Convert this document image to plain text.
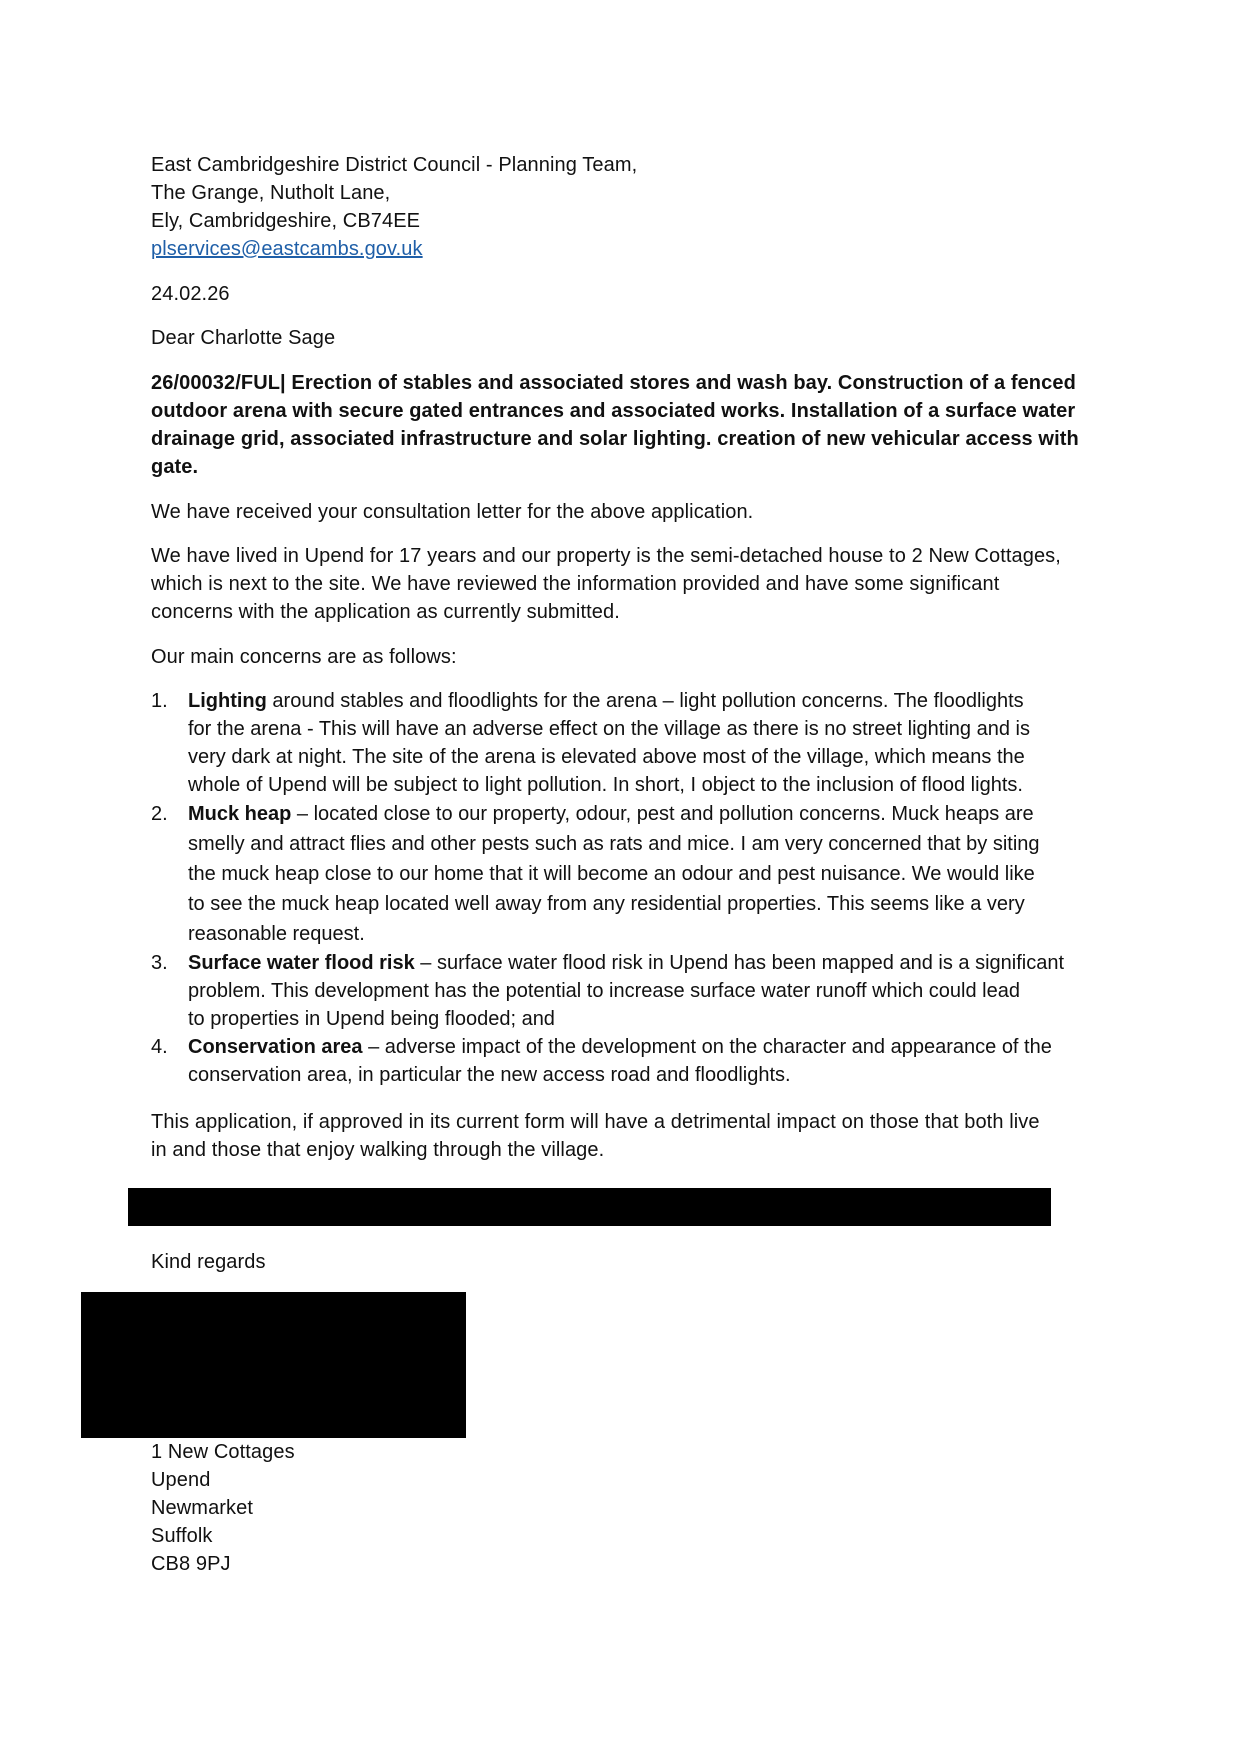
East Cambridgeshire District Council - Planning Team,
The Grange, Nutholt Lane,
Ely, Cambridgeshire, CB74EE
plservices@eastcambs.gov.uk
24.02.26
Dear Charlotte Sage
26/00032/FUL| Erection of stables and associated stores and wash bay. Construction of a fenced
outdoor arena with secure gated entrances and associated works. Installation of a surface water
drainage grid, associated infrastructure and solar lighting. creation of new vehicular access with
gate.
We have received your consultation letter for the above application.
We have lived in Upend for 17 years and our property is the semi-detached house to 2 New Cottages,
which is next to the site. We have reviewed the information provided and have some significant
concerns with the application as currently submitted.
Our main concerns are as follows:
1. Lighting around stables and floodlights for the arena – light pollution concerns. The floodlights
for the arena - This will have an adverse effect on the village as there is no street lighting and is
very dark at night. The site of the arena is elevated above most of the village, which means the
whole of Upend will be subject to light pollution. In short, I object to the inclusion of flood lights.
2. Muck heap – located close to our property, odour, pest and pollution concerns. Muck heaps are
smelly and attract flies and other pests such as rats and mice. I am very concerned that by siting
the muck heap close to our home that it will become an odour and pest nuisance. We would like
to see the muck heap located well away from any residential properties. This seems like a very
reasonable request.
3. Surface water flood risk – surface water flood risk in Upend has been mapped and is a significant
problem. This development has the potential to increase surface water runoff which could lead
to properties in Upend being flooded; and
4. Conservation area – adverse impact of the development on the character and appearance of the
conservation area, in particular the new access road and floodlights.
This application, if approved in its current form will have a detrimental impact on those that both live
in and those that enjoy walking through the village.
Kind regards
1 New Cottages
Upend
Newmarket
Suffolk
CB8 9PJ
